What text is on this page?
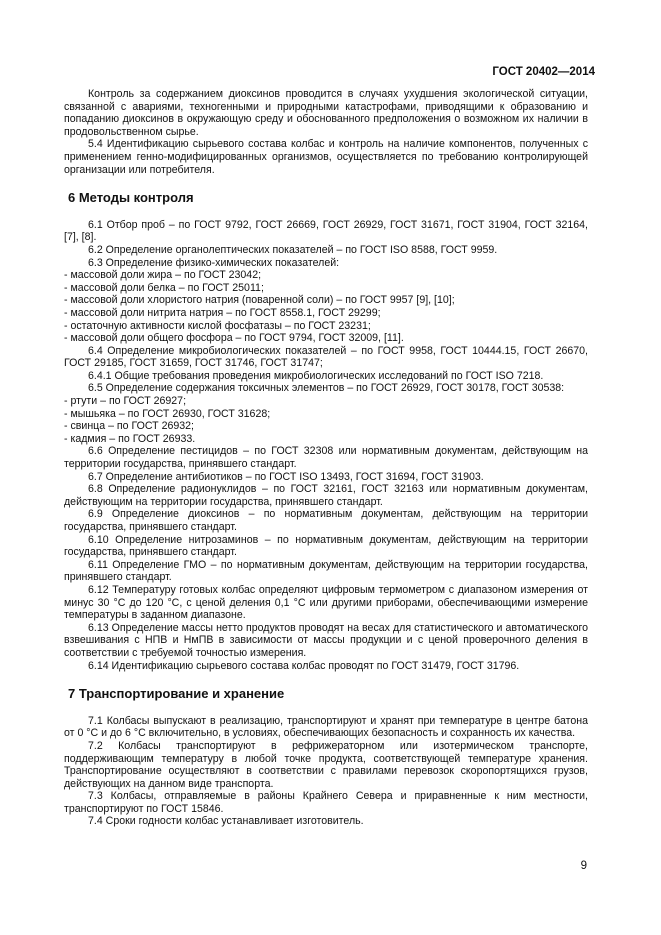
ГОСТ 20402—2014

Контроль за содержанием диоксинов проводится в случаях ухудшения экологической ситуации, связанной с авариями, техногенными и природными катастрофами, приводящими к образованию и попаданию диоксинов в окружающую среду и обоснованного предположения о возможном их наличии в продовольственном сырье.

5.4 Идентификацию сырьевого состава колбас и контроль на наличие компонентов, полученных с применением генно-модифицированных организмов, осуществляется по требованию контролирующей организации или потребителя.

6 Методы контроля

6.1 Отбор проб – по ГОСТ 9792, ГОСТ 26669, ГОСТ 26929, ГОСТ 31671, ГОСТ 31904, ГОСТ 32164, [7], [8].

6.2 Определение органолептических показателей – по ГОСТ ISO 8588, ГОСТ 9959.

6.3 Определение физико-химических показателей:

- массовой доли жира – по ГОСТ 23042;

- массовой доли белка – по ГОСТ 25011;

- массовой доли хлористого натрия (поваренной соли) – по ГОСТ 9957 [9], [10];

- массовой доли нитрита натрия – по ГОСТ 8558.1, ГОСТ 29299;

- остаточную активности кислой фосфатазы – по ГОСТ 23231;

- массовой доли общего фосфора – по ГОСТ 9794, ГОСТ 32009, [11].

6.4 Определение микробиологических показателей – по ГОСТ 9958, ГОСТ 10444.15, ГОСТ 26670, ГОСТ 29185, ГОСТ 31659, ГОСТ 31746, ГОСТ 31747;

6.4.1 Общие требования проведения микробиологических исследований по ГОСТ ISO 7218.

6.5 Определение содержания токсичных элементов – по ГОСТ 26929, ГОСТ 30178, ГОСТ 30538:

- ртути – по ГОСТ 26927;

- мышьяка – по ГОСТ 26930, ГОСТ 31628;

- свинца – по ГОСТ 26932;

- кадмия – по ГОСТ 26933.

6.6 Определение пестицидов – по ГОСТ 32308 или нормативным документам, действующим на территории государства, принявшего стандарт.

6.7 Определение антибиотиков – по ГОСТ ISO 13493, ГОСТ 31694, ГОСТ 31903.

6.8 Определение радионуклидов – по ГОСТ 32161, ГОСТ 32163 или нормативным документам, действующим на территории государства, принявшего стандарт.

6.9 Определение диоксинов – по нормативным документам, действующим на территории государства, принявшего стандарт.

6.10 Определение нитрозаминов – по нормативным документам, действующим на территории государства, принявшего стандарт.

6.11 Определение ГМО – по нормативным документам, действующим на территории государства, принявшего стандарт.

6.12 Температуру готовых колбас определяют цифровым термометром с диапазоном измерения от минус 30 °С до 120 °С, с ценой деления 0,1 °С или другими приборами, обеспечивающими измерение температуры в заданном диапазоне.

6.13 Определение массы нетто продуктов проводят на весах для статистического и автоматического взвешивания с НПВ и НмПВ в зависимости от массы продукции и с ценой проверочного деления в соответствии с требуемой точностью измерения.

6.14 Идентификацию сырьевого состава колбас проводят по ГОСТ 31479, ГОСТ 31796.

7 Транспортирование и хранение

7.1 Колбасы выпускают в реализацию, транспортируют и хранят при температуре в центре батона от 0 °С и до 6 °С включительно, в условиях, обеспечивающих безопасность и сохранность их качества.

7.2 Колбасы транспортируют в рефрижераторном или изотермическом транспорте, поддерживающим температуру в любой точке продукта, соответствующей температуре хранения. Транспортирование осуществляют в соответствии с правилами перевозок скоропортящихся грузов, действующих на данном виде транспорта.

7.3 Колбасы, отправляемые в районы Крайнего Севера и приравненные к ним местности, транспортируют по ГОСТ 15846.

7.4 Сроки годности колбас устанавливает изготовитель.

9
